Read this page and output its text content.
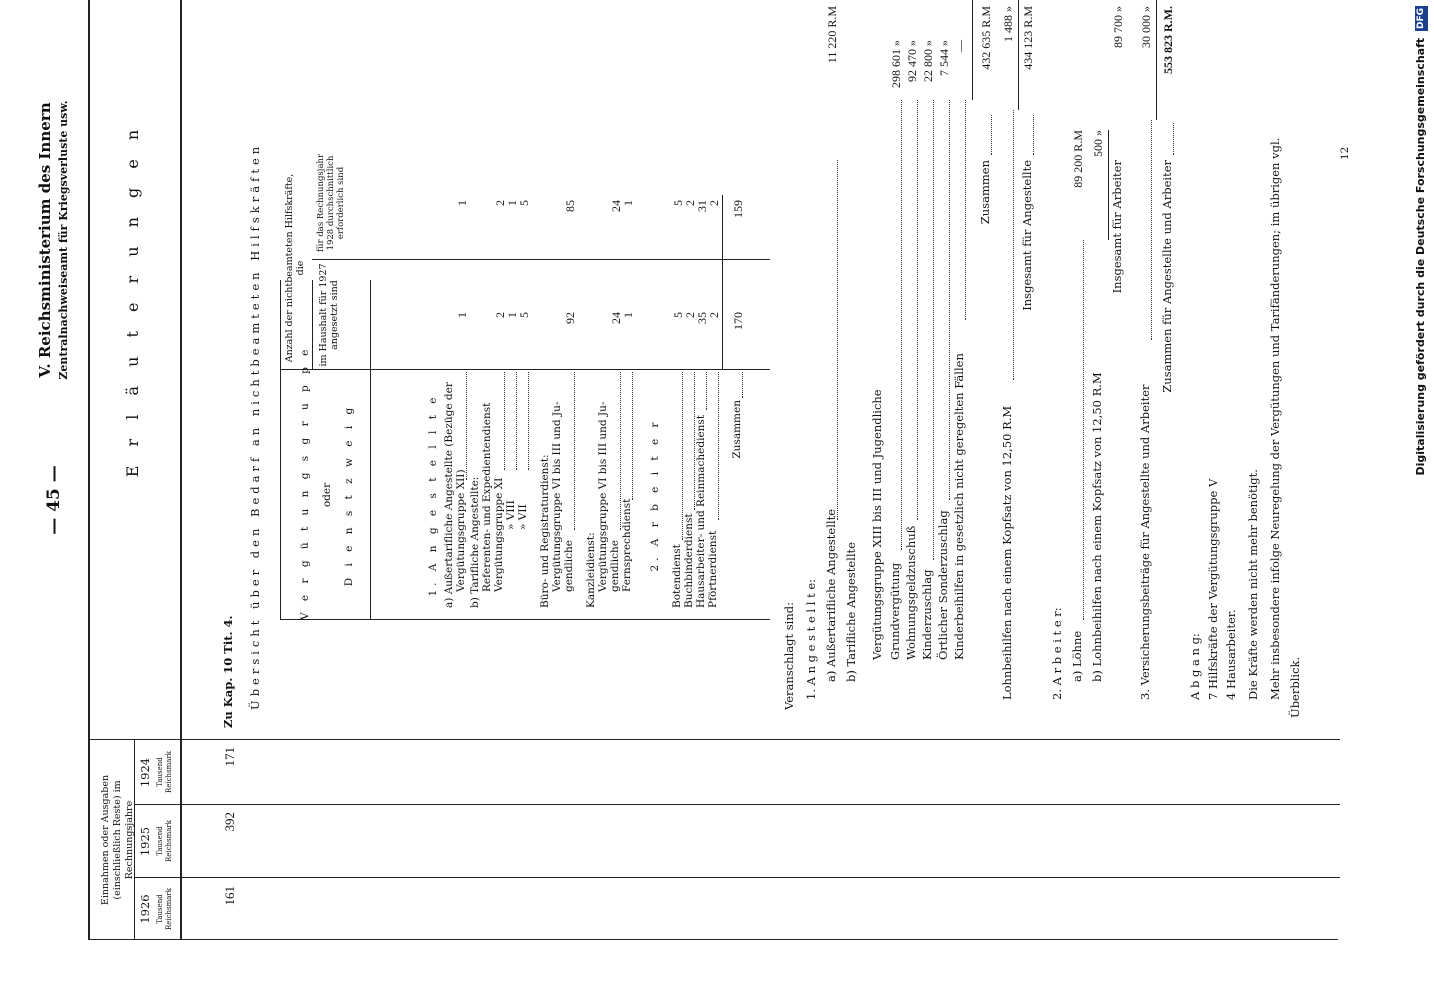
— 45 —
V. Reichsministerium des Innern Zentralnachweiseamt für Kriegsverluste usw.
Einnahmen oder Ausgaben (einschließlich Reste) im Rechnungsjahre
1926
1925
1924
Tausend Reichsmark
Tausend Reichsmark
Tausend Reichsmark
161
392
171
E r l ä u t e r u n g e n
Zu Kap. 10 Tit. 4. Übersicht über den Bedarf an nichtbeamteten Hilfskräften	V e r g ü t u n g s g r u p p e oder D i e n s t z w e i g
Anzahl der nichtbeamteten Hilfskräfte, die im Haushalt für 1927 angesetzt sind
für das Rechnungsjahr 1928 durchschnittlich erforderlich sind
1. A n g e s t e l l t e a) Außertarifliche Angestellte (Bezüge der Vergütungsgruppe XII)
1
1
b) Tarifliche Angestellte: Referenten- und Expedientendienst Vergütungsgruppe XI
2
2
» VIII
1
1
» VII
5
5
Büro- und Registraturdienst: Vergütungsgruppe VI bis III und Ju- gendliche
92
85
Kanzleidienst: Vergütungsgruppe VI bis III und Ju- gendliche
24
24
Fernsprechdienst
1
1
2. A r b e i t e r
Botendienst
5
5
Buchbinderdienst
2
2
Hausarbeiter- und Reinmachedienst
35
31
Pförtnerdienst
2
2
Zusammen
170
159
Veranschlagt sind: 1. A n g e s t e l l t e: a) Außertarifliche Angestellte
11 220 R.M
b) Tarifliche Angestellte Vergütungsgruppe XIII bis III und Jugendliche Grundvergütung
298 601 »
Wohnungsgeldzuschuß
92 470 »
Kinderzuschlag
22 800 »
Örtlicher Sonderzuschlag
7 544 »
Kinderbeihilfen in gesetzlich nicht geregelten Fällen
—
Zusammen
432 635 R.M
Lohnbeihilfen nach einem Kopfsatz von 12,50 R.M
1 488 »
Insgesamt für Angestellte
434 123 R.M
2. A r b e i t e r: a) Löhne
89 200 R.M
b) Lohnbeihilfen nach einem Kopfsatz von 12,50 R.M
500 »
Insgesamt für Arbeiter
89 700 »
3. Versicherungsbeiträge für Angestellte und Arbeiter
30 000 »
Zusammen für Angestellte und Arbeiter
553 823 R.M.
A b g a n g: 7 Hilfskräfte der Vergütungsgruppe V 4 Hausarbeiter. Die Kräfte werden nicht mehr benötigt. Mehr insbesondere infolge Neuregelung der Vergütungen und Tarifänderungen; im übrigen vgl. Überblick.
12	Digitalisierung gefördert durch die Deutsche Forschungsgemeinschaft DFG
